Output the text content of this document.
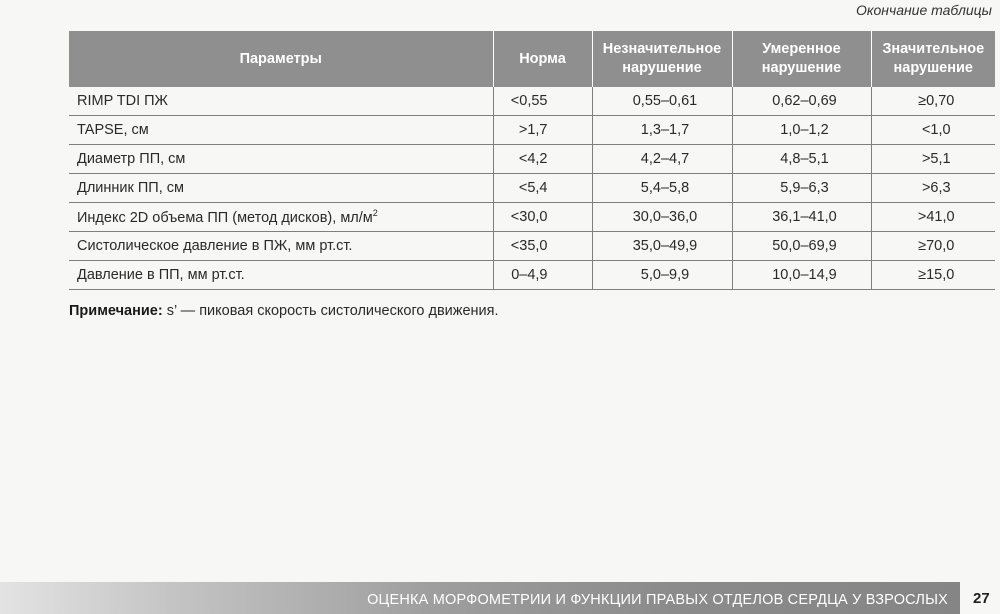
Окончание таблицы
Параметры	Норма	Незначительное нарушение	Умеренное нарушение	Значительное нарушение
RIMP TDI ПЖ	<0,55	0,55–0,61	0,62–0,69	≥0,70
TAPSE, см	>1,7	1,3–1,7	1,0–1,2	<1,0
Диаметр ПП, см	<4,2	4,2–4,7	4,8–5,1	>5,1
Длинник ПП, см	<5,4	5,4–5,8	5,9–6,3	>6,3
Индекс 2D объема ПП (метод дисков), $мл/м^2$	<30,0	30,0–36,0	36,1–41,0	>41,0
Систолическое давление в ПЖ, мм рт.ст.	<35,0	35,0–49,9	50,0–69,9	≥70,0
Давление в ПП, мм рт.ст.	0–4,9	5,0–9,9	10,0–14,9	≥15,0
Примечание: s’ — пиковая скорость систолического движения.
ОЦЕНКА МОРФОМЕТРИИ И ФУНКЦИИ ПРАВЫХ ОТДЕЛОВ СЕРДЦА У ВЗРОСЛЫХ 27
